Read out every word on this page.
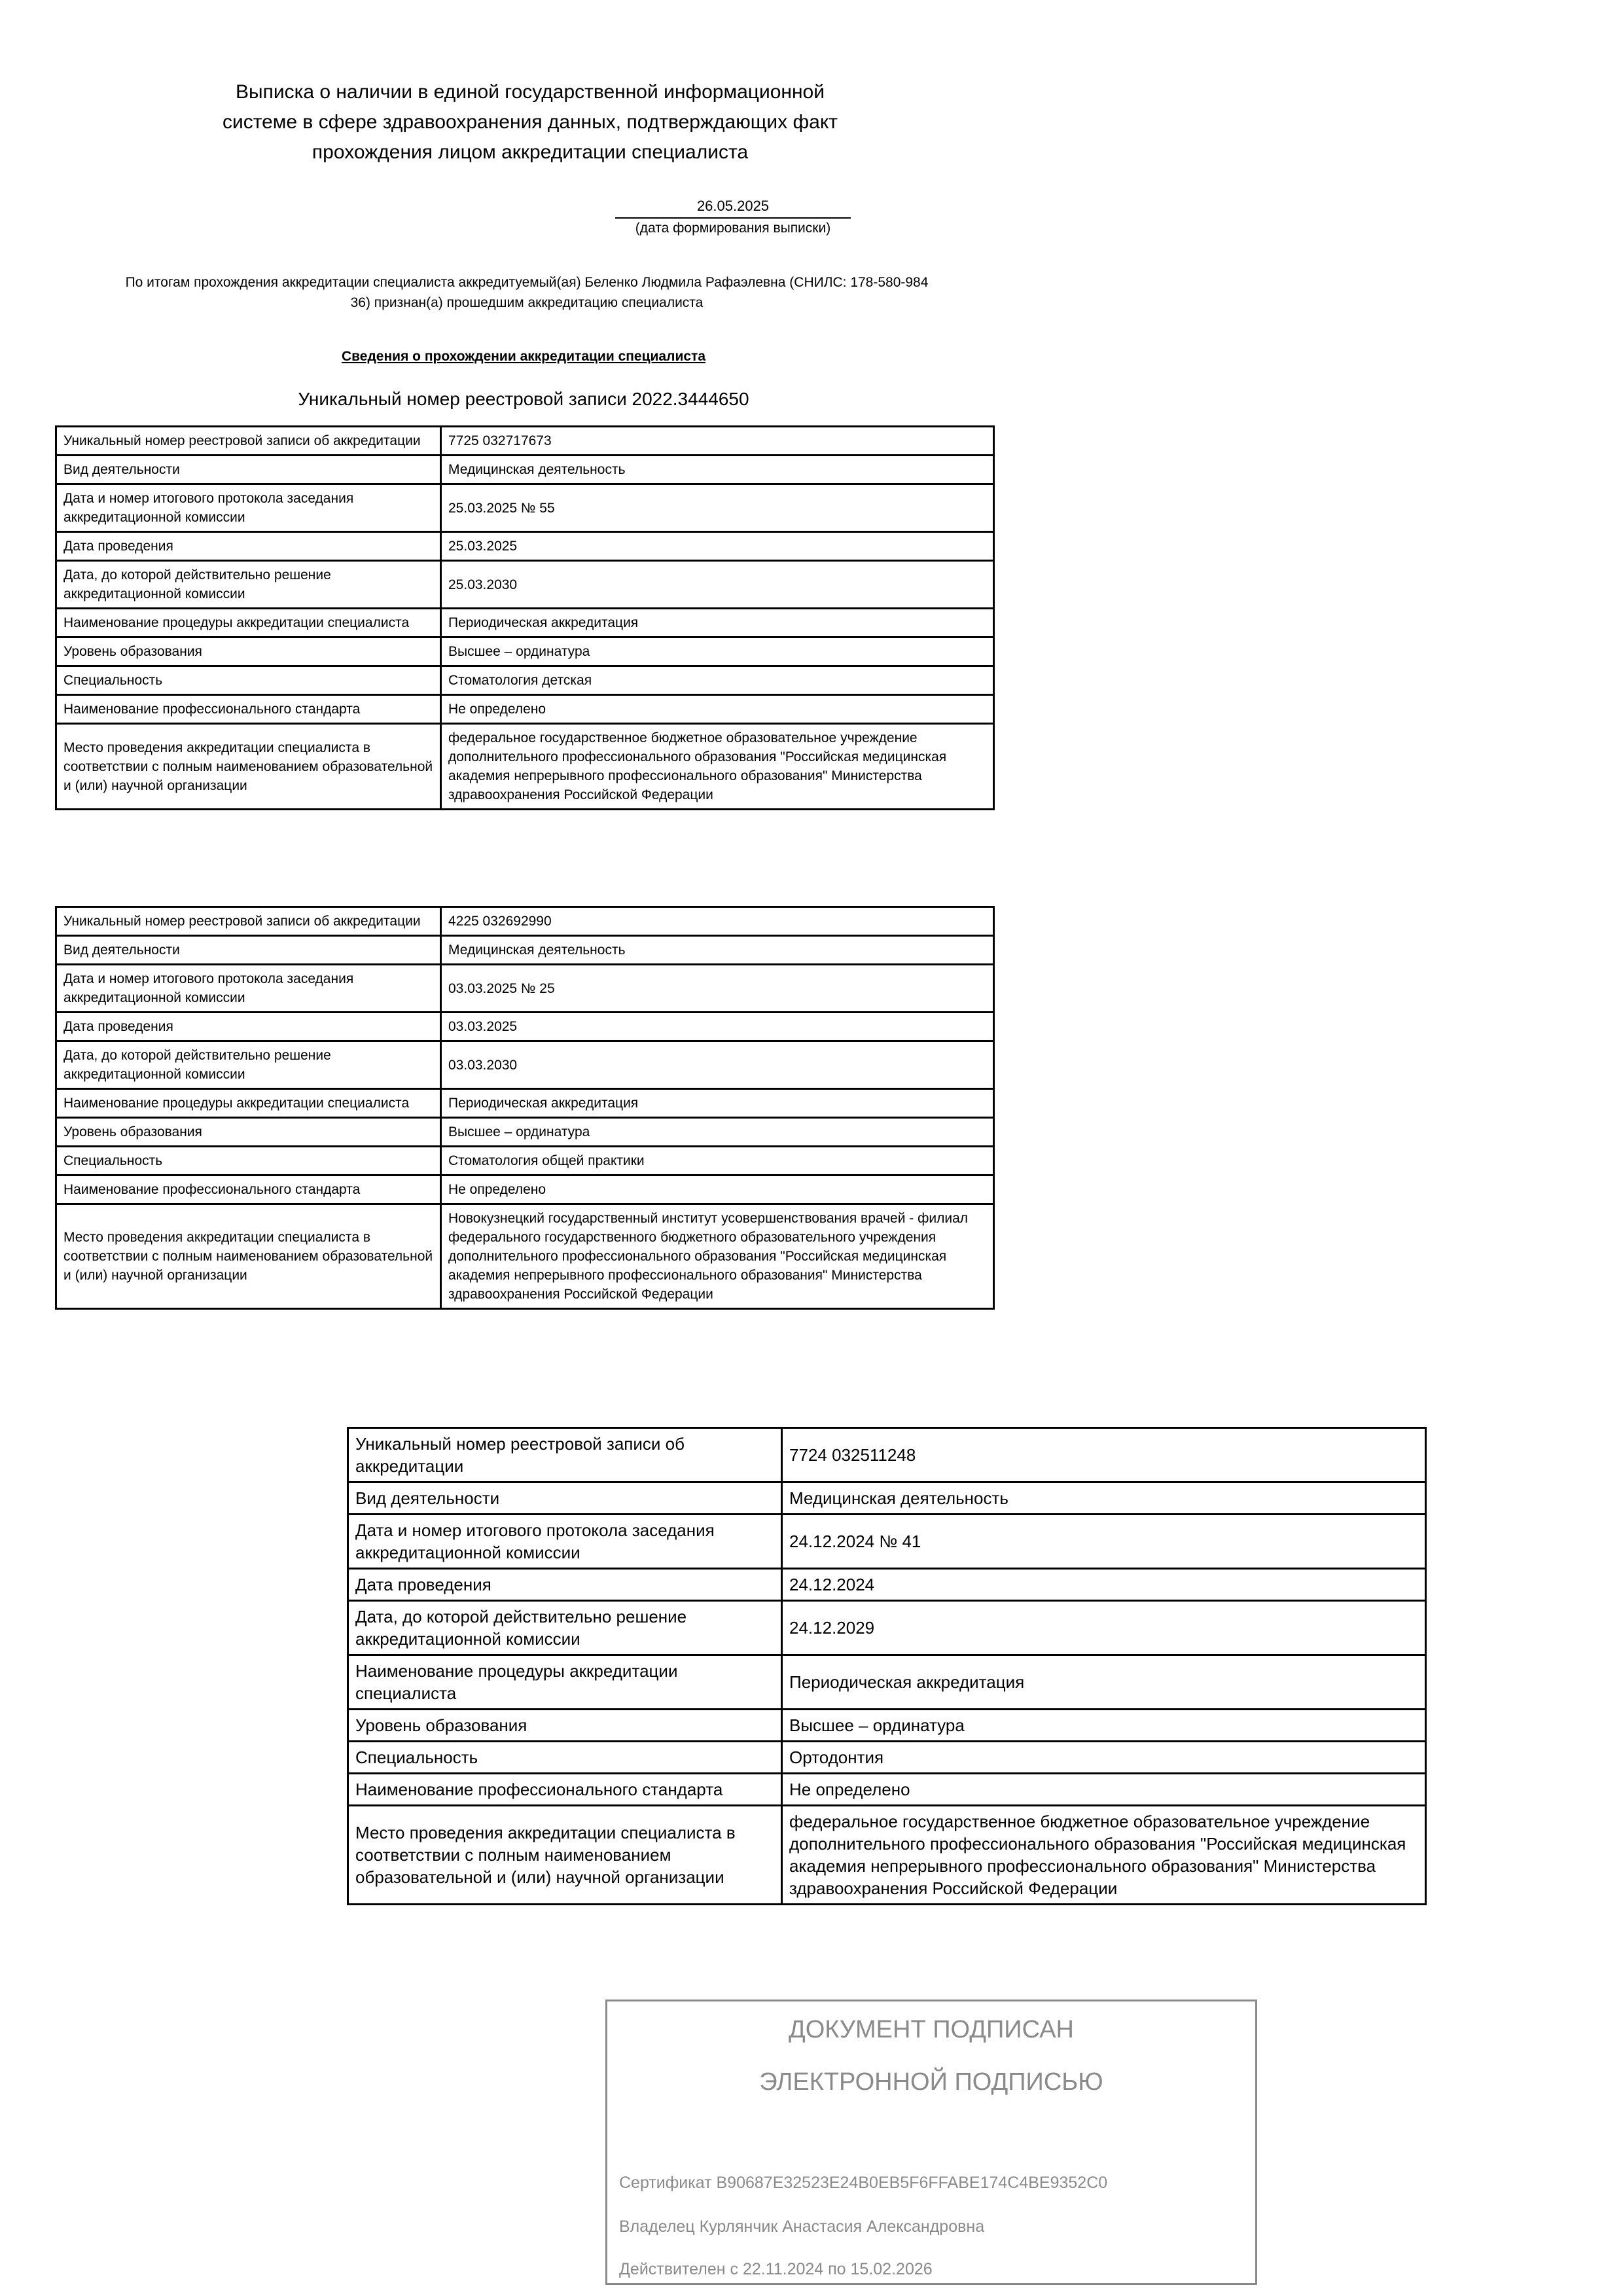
Выписка о наличии в единой государственной информационной
системе в сфере здравоохранения данных, подтверждающих факт
прохождения лицом аккредитации специалиста
26.05.2025
(дата формирования выписки)
По итогам прохождения аккредитации специалиста аккредитуемый(ая) Беленко Людмила Рафаэлевна (СНИЛС: 178-580-984
36) признан(а) прошедшим аккредитацию специалиста
Сведения о прохождении аккредитации специалиста
Уникальный номер реестровой записи 2022.3444650
Уникальный номер реестровой записи об аккредитации	7725 032717673
Вид деятельности	Медицинская деятельность
Дата и номер итогового протокола заседания аккредитационной комиссии	25.03.2025 № 55
Дата проведения	25.03.2025
Дата, до которой действительно решение аккредитационной комиссии	25.03.2030
Наименование процедуры аккредитации специалиста	Периодическая аккредитация
Уровень образования	Высшее – ординатура
Специальность	Стоматология детская
Наименование профессионального стандарта	Не определено
Место проведения аккредитации специалиста в соответствии с полным наименованием образовательной и (или) научной организации	федеральное государственное бюджетное образовательное учреждение дополнительного профессионального образования "Российская медицинская академия непрерывного профессионального образования" Министерства здравоохранения Российской Федерации
Уникальный номер реестровой записи об аккредитации	4225 032692990
Вид деятельности	Медицинская деятельность
Дата и номер итогового протокола заседания аккредитационной комиссии	03.03.2025 № 25
Дата проведения	03.03.2025
Дата, до которой действительно решение аккредитационной комиссии	03.03.2030
Наименование процедуры аккредитации специалиста	Периодическая аккредитация
Уровень образования	Высшее – ординатура
Специальность	Стоматология общей практики
Наименование профессионального стандарта	Не определено
Место проведения аккредитации специалиста в соответствии с полным наименованием образовательной и (или) научной организации	Новокузнецкий государственный институт усовершенствования врачей - филиал федерального государственного бюджетного образовательного учреждения дополнительного профессионального образования "Российская медицинская академия непрерывного профессионального образования" Министерства здравоохранения Российской Федерации
Уникальный номер реестровой записи об аккредитации	7724 032511248
Вид деятельности	Медицинская деятельность
Дата и номер итогового протокола заседания аккредитационной комиссии	24.12.2024 № 41
Дата проведения	24.12.2024
Дата, до которой действительно решение аккредитационной комиссии	24.12.2029
Наименование процедуры аккредитации специалиста	Периодическая аккредитация
Уровень образования	Высшее – ординатура
Специальность	Ортодонтия
Наименование профессионального стандарта	Не определено
Место проведения аккредитации специалиста в соответствии с полным наименованием образовательной и (или) научной организации	федеральное государственное бюджетное образовательное учреждение дополнительного профессионального образования "Российская медицинская академия непрерывного профессионального образования" Министерства здравоохранения Российской Федерации
ДОКУМЕНТ ПОДПИСАН
ЭЛЕКТРОННОЙ ПОДПИСЬЮ
Сертификат B90687E32523E24B0EB5F6FFABE174C4BE9352C0
Владелец Курлянчик Анастасия Александровна
Действителен с 22.11.2024 по 15.02.2026
